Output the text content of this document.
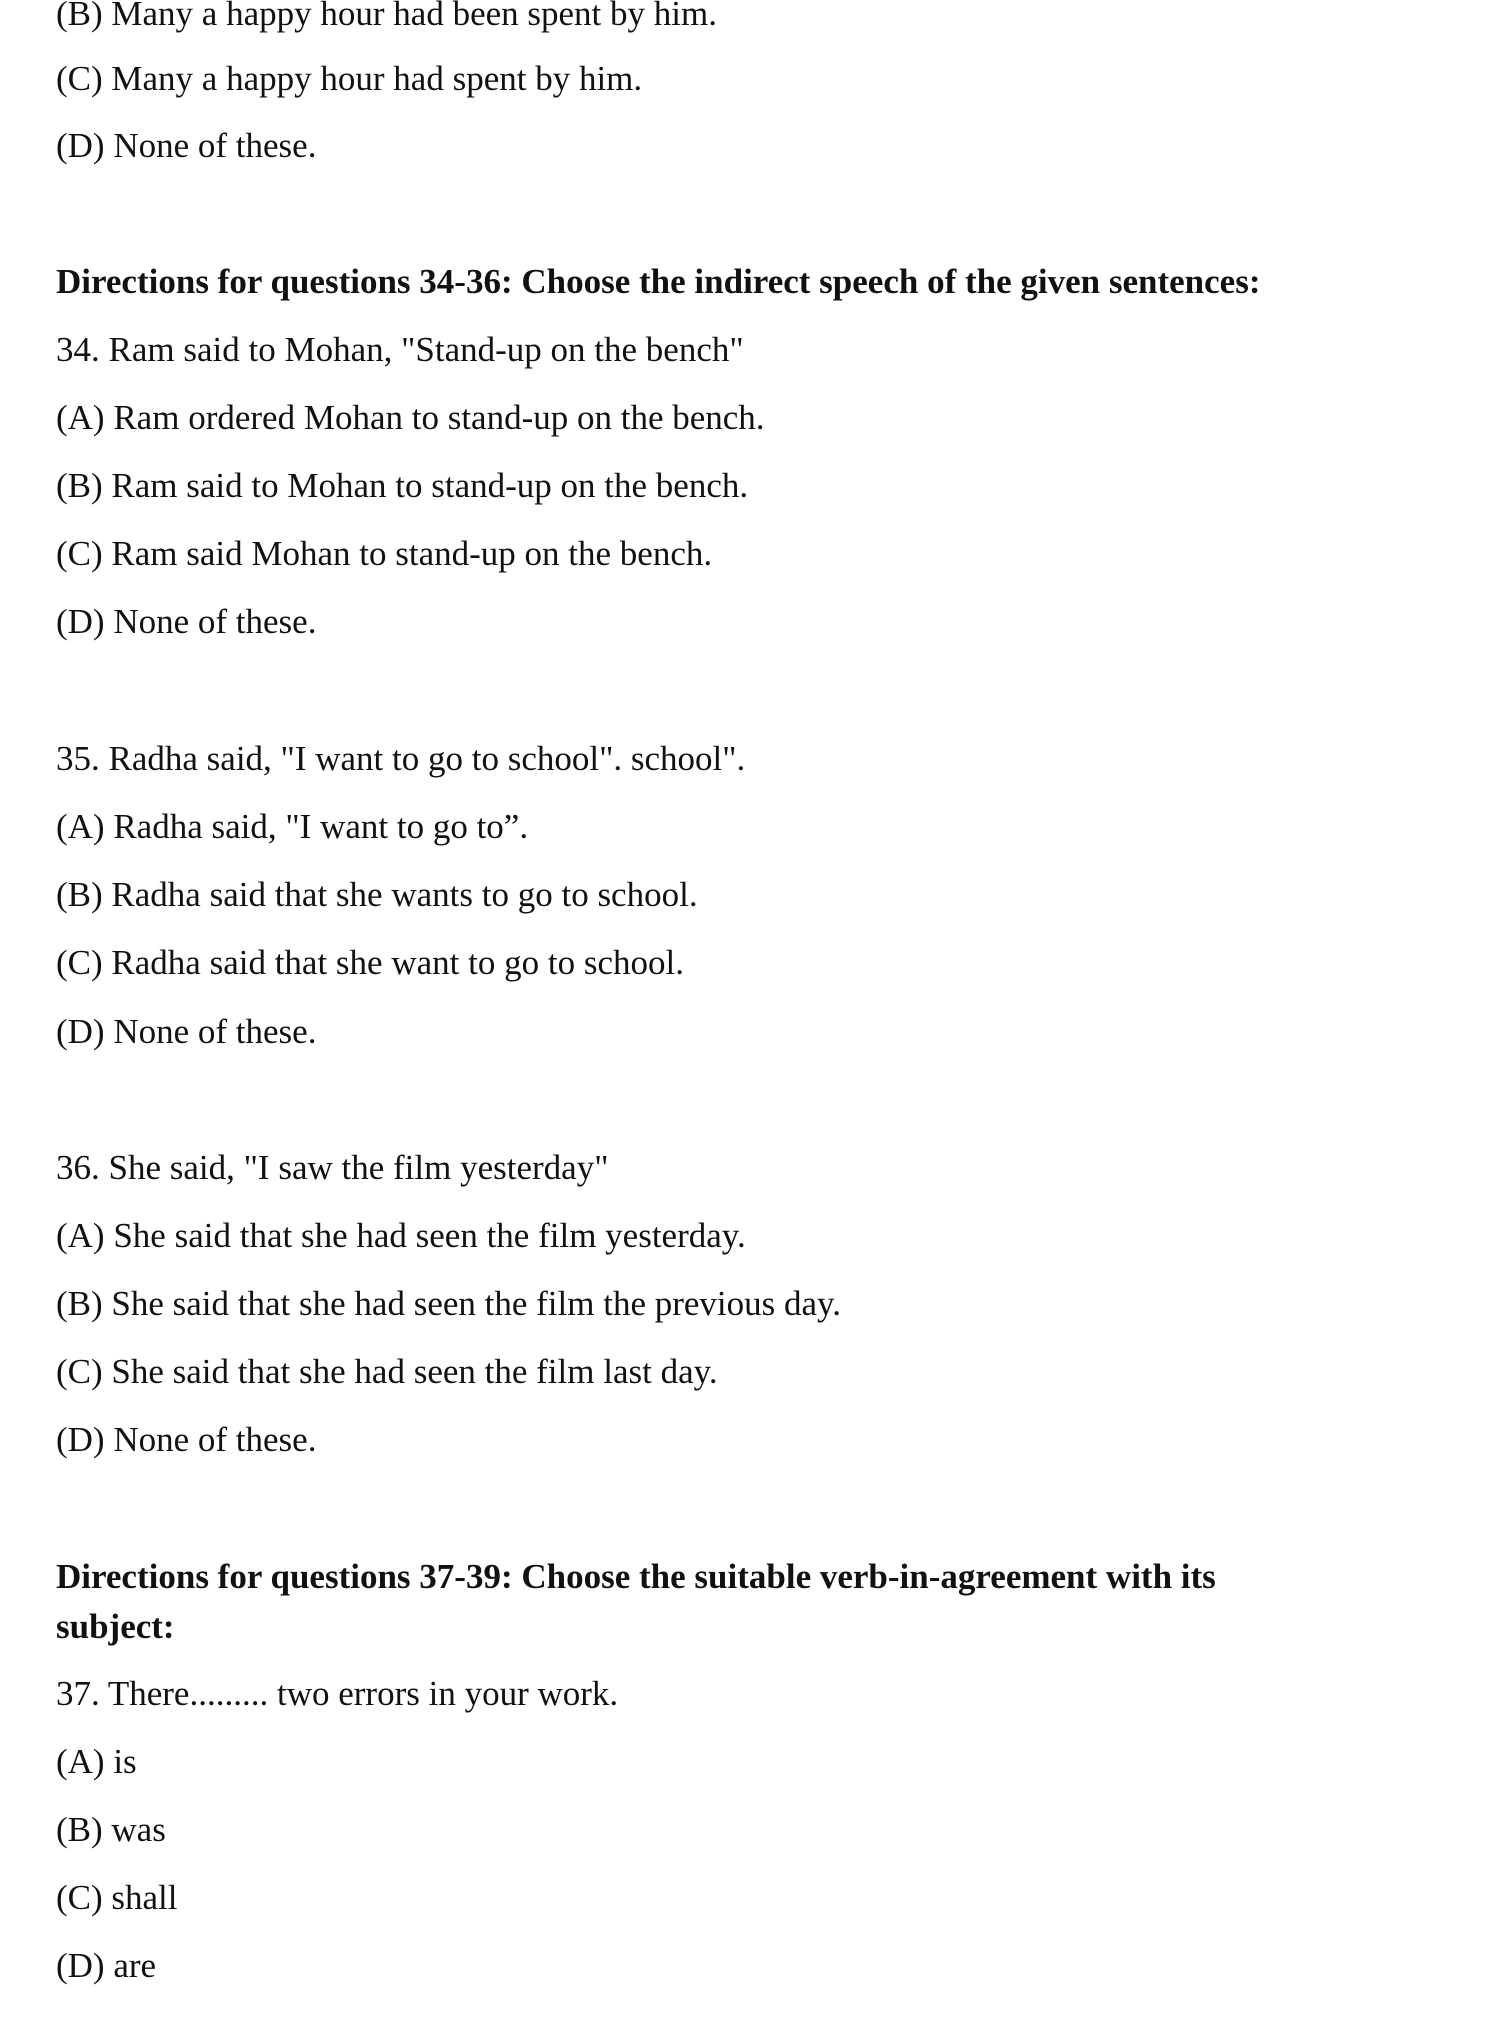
(B) Many a happy hour had been spent by him.
(C) Many a happy hour had spent by him.
(D) None of these.
Directions for questions 34-36: Choose the indirect speech of the given sentences:
34. Ram said to Mohan, "Stand-up on the bench"
(A) Ram ordered Mohan to stand-up on the bench.
(B) Ram said to Mohan to stand-up on the bench.
(C) Ram said Mohan to stand-up on the bench.
(D) None of these.
35. Radha said, "I want to go to school". school".
(A) Radha said, "I want to go to”.
(B) Radha said that she wants to go to school.
(C) Radha said that she want to go to school.
(D) None of these.
36. She said, "I saw the film yesterday"
(A) She said that she had seen the film yesterday.
(B) She said that she had seen the film the previous day.
(C) She said that she had seen the film last day.
(D) None of these.
Directions for questions 37-39: Choose the suitable verb-in-agreement with its
subject:
37. There......... two errors in your work.
(A) is
(B) was
(C) shall
(D) are
